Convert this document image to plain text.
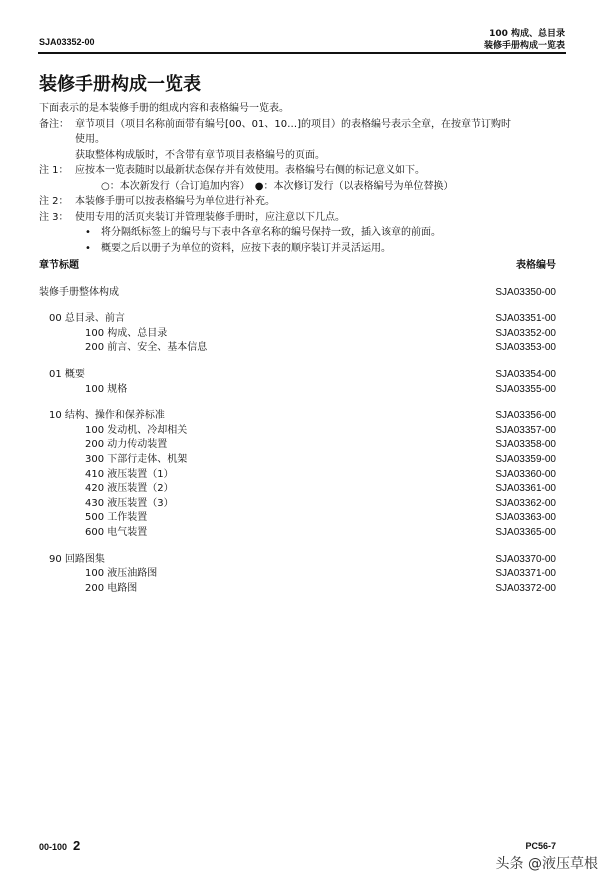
SJA03352-00
100 构成、总目录
装修手册构成一览表
装修手册构成一览表
下面表示的是本装修手册的组成内容和表格编号一览表。
备注： 章节项目（项目名称前面带有编号[00、01、10…]的项目）的表格编号表示全章，在按章节订购时
使用。
获取整体构成版时，不含带有章节项目表格编号的页面。
注 1： 应按本一览表随时以最新状态保存并有效使用。表格编号右侧的标记意义如下。
○：本次新发行（合订追加内容）　●：本次修订发行（以表格编号为单位替换）
注 2： 本装修手册可以按表格编号为单位进行补充。
注 3： 使用专用的活页夹装订并管理装修手册时，应注意以下几点。
•	将分隔纸标签上的编号与下表中各章名称的编号保持一致，插入该章的前面。
•	概要之后以册子为单位的资料，应按下表的顺序装订并灵活运用。
章节标题	表格编号
装修手册整体构成	SJA03350-00
00 总目录、前言	SJA03351-00
100 构成、总目录	SJA03352-00
200 前言、安全、基本信息	SJA03353-00
01 概要	SJA03354-00
100 规格	SJA03355-00
10 结构、操作和保养标准	SJA03356-00
100 发动机、冷却相关	SJA03357-00
200 动力传动装置	SJA03358-00
300 下部行走体、机架	SJA03359-00
410 液压装置（1）	SJA03360-00
420 液压装置（2）	SJA03361-00
430 液压装置（3）	SJA03362-00
500 工作装置	SJA03363-00
600 电气装置	SJA03365-00
90 回路图集	SJA03370-00
100 液压油路图	SJA03371-00
200 电路图	SJA03372-00
00-100 2	PC56-7
头条 @液压草根
